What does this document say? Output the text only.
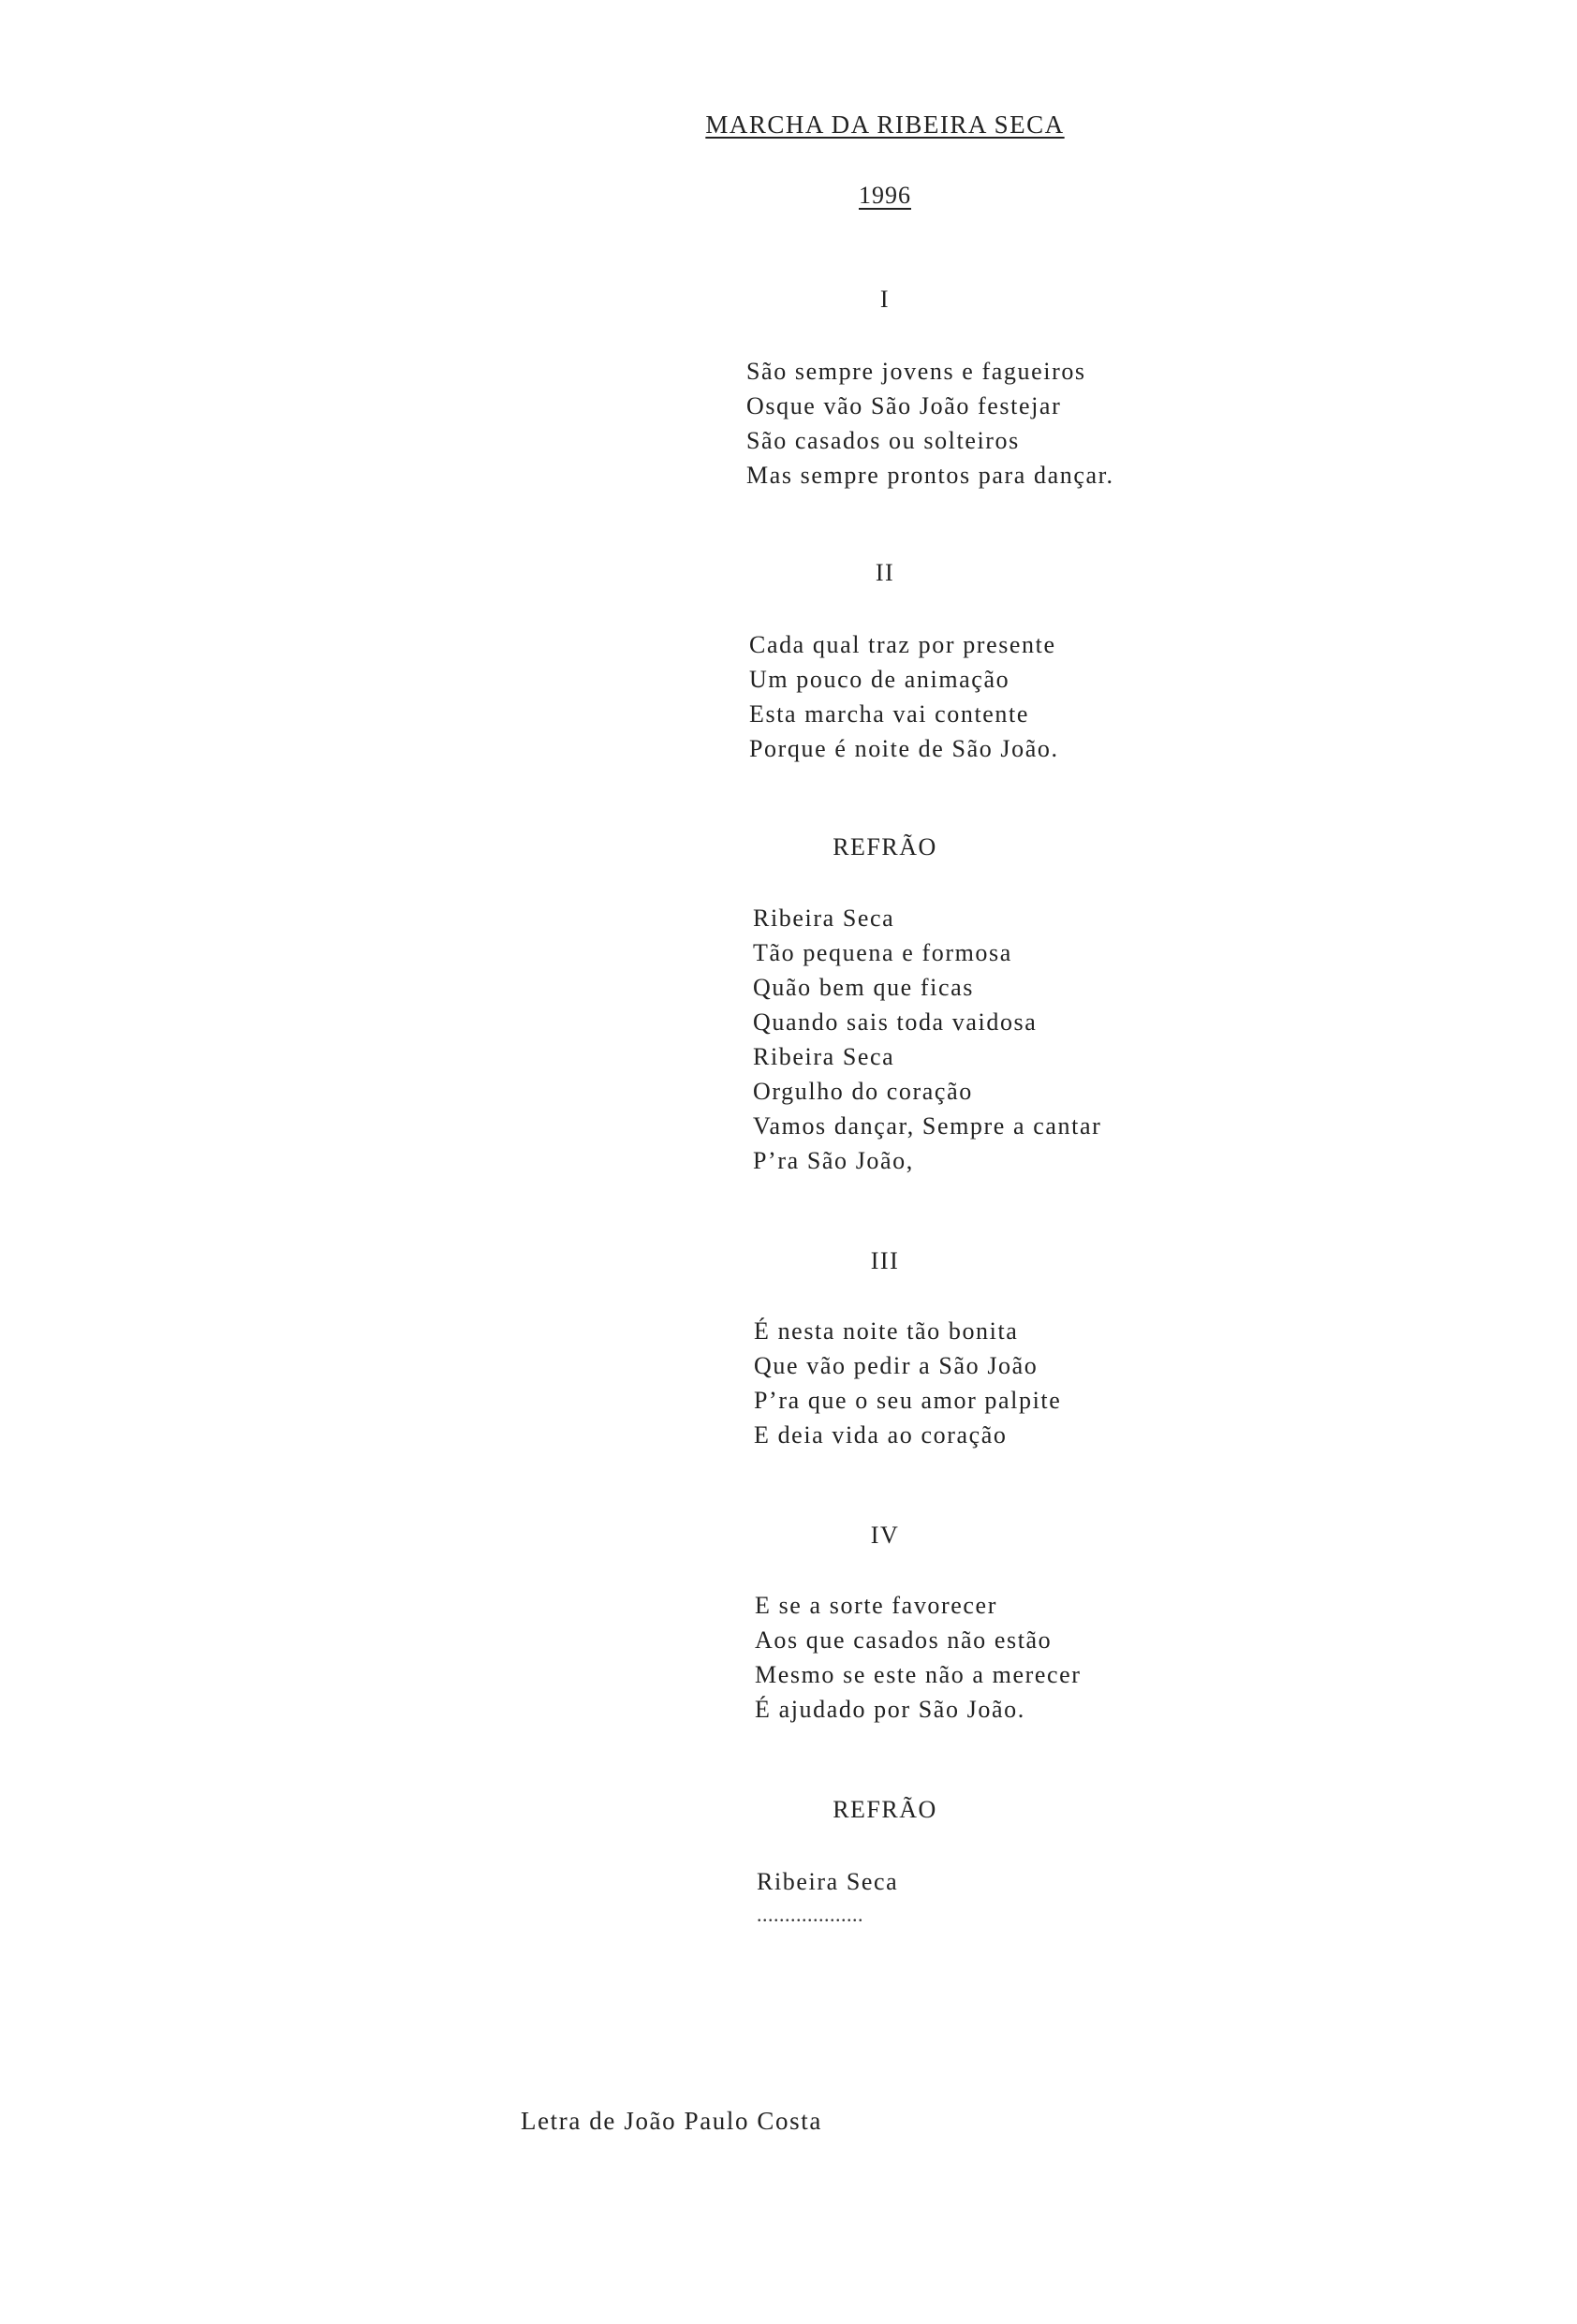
MARCHA DA RIBEIRA SECA
1996
I
São sempre jovens e fagueiros
Osque vão São João festejar
São casados ou solteiros
Mas sempre prontos para dançar.
II
Cada qual traz por presente
Um pouco de animação
Esta marcha vai contente
Porque é noite de São João.
REFRÃO
Ribeira Seca
Tão pequena e formosa
Quão bem que ficas
Quando sais toda vaidosa
Ribeira Seca
Orgulho do coração
Vamos dançar, Sempre a cantar
P’ra São João,
III
É nesta noite tão bonita
Que vão pedir a São João
P’ra que o seu amor palpite
E deia vida ao coração
IV
E se a sorte favorecer
Aos que casados não estão
Mesmo se este não a merecer
É ajudado por São João.
REFRÃO
Ribeira Seca
...................
Letra de João Paulo Costa
